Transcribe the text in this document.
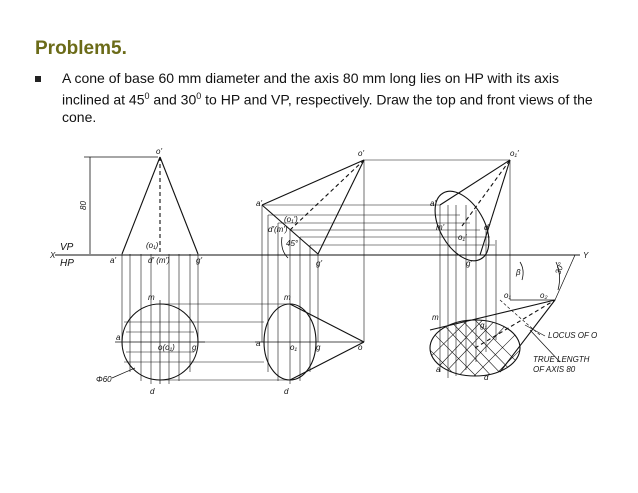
Problem5.
A cone of base 60 mm diameter and the axis 80 mm long lies on HP with its axis inclined at $45^0$ and $30^0$ to HP and VP, respectively. Draw the top and front views of the cone.
o'
80
VP
HP
X	Y
(o₁)
a'	d' (m')	g'
m
a
o(o₁) g
d
Φ60
o'
a'
(o₁')
d'(m')
45°
g'
m
a	o₁ g	o
d
o₁'
a'
m'
o₁'
d'
g'
β	30°
o₁	o₂
g₁
m
a
d
LOCUS OF O
TRUE LENGTH
OF AXIS 80
